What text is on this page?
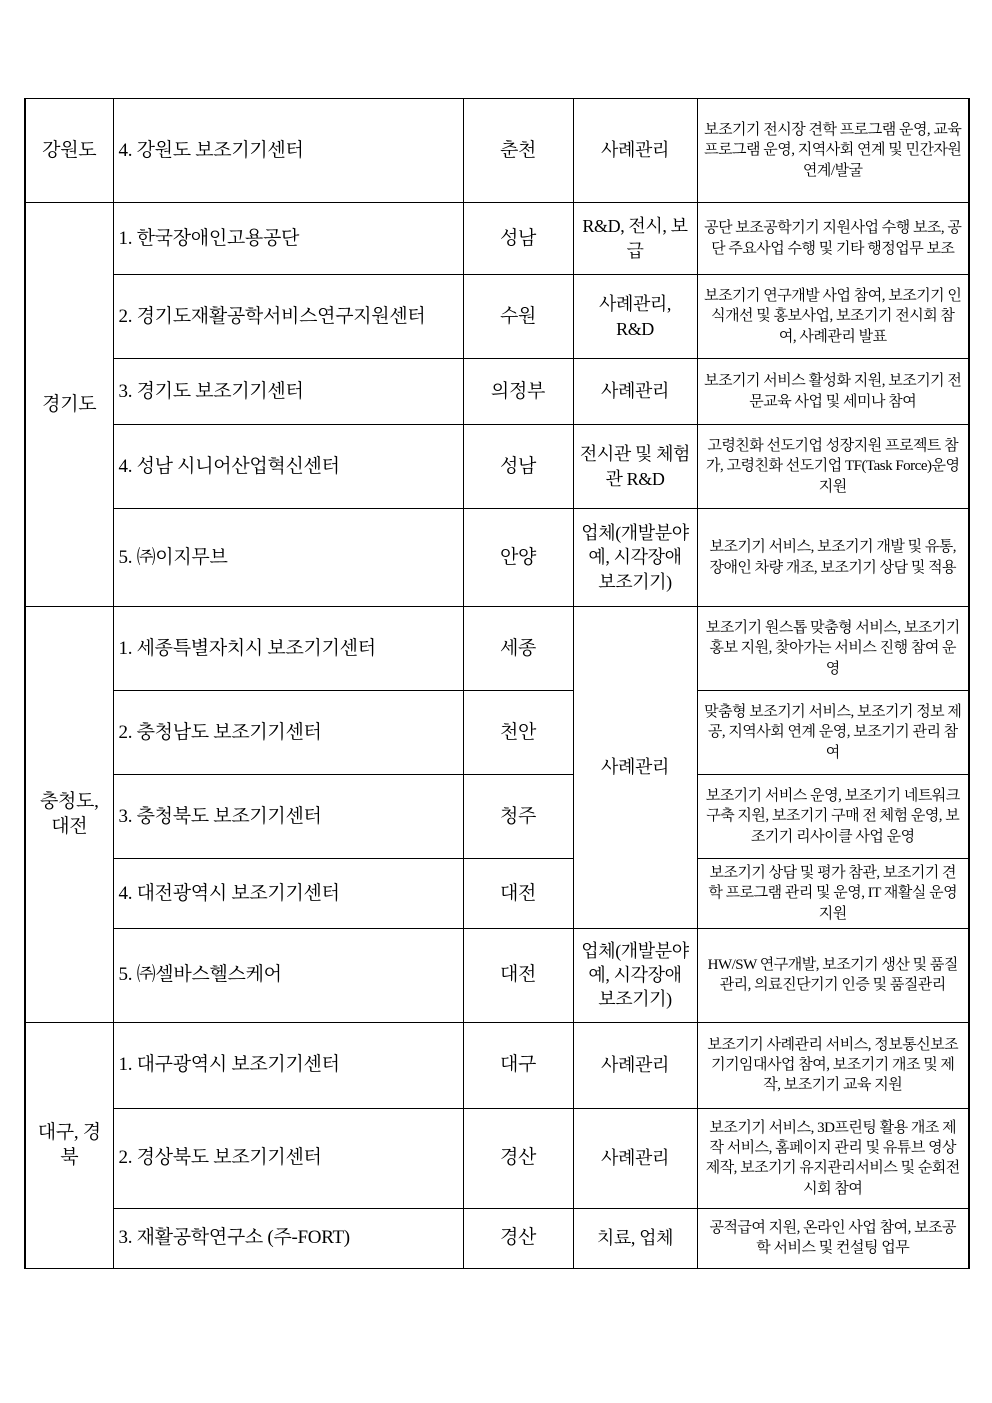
강원도	4. 강원도 보조기기센터	춘천	사례관리	보조기기 전시장 견학 프로그램 운영, 교육 프로그램 운영, 지역사회 연계 및 민간자원 연계/발굴
경기도	1. 한국장애인고용공단	성남	R&D, 전시, 보급	공단 보조공학기기 지원사업 수행 보조, 공단 주요사업 수행 및 기타 행정업무 보조
	2. 경기도재활공학서비스연구지원센터	수원	사례관리, R&D	보조기기 연구개발 사업 참여, 보조기기 인식개선 및 홍보사업, 보조기기 전시회 참여, 사례관리 발표
	3. 경기도 보조기기센터	의정부	사례관리	보조기기 서비스 활성화 지원, 보조기기 전문교육 사업 및 세미나 참여
	4. 성남 시니어산업혁신센터	성남	전시관 및 체험관 R&D	고령친화 선도기업 성장지원 프로젝트 참가, 고령친화 선도기업 TF(Task Force)운영 지원
	5. ㈜이지무브	안양	업체(개발분야 예, 시각장애 보조기기)	보조기기 서비스, 보조기기 개발 및 유통, 장애인 차량 개조, 보조기기 상담 및 적용
충청도, 대전	1. 세종특별자치시 보조기기센터	세종	사례관리	보조기기 원스톱 맞춤형 서비스, 보조기기 홍보 지원, 찾아가는 서비스 진행 참여 운영
	2. 충청남도 보조기기센터	천안		맞춤형 보조기기 서비스, 보조기기 정보 제공, 지역사회 연계 운영, 보조기기 관리 참여
	3. 충청북도 보조기기센터	청주		보조기기 서비스 운영, 보조기기 네트워크 구축 지원, 보조기기 구매 전 체험 운영, 보조기기 리사이클 사업 운영
	4. 대전광역시 보조기기센터	대전		보조기기 상담 및 평가 참관, 보조기기 견학 프로그램 관리 및 운영, IT 재활실 운영 지원
	5. ㈜셀바스헬스케어	대전	업체(개발분야 예, 시각장애 보조기기)	HW/SW 연구개발, 보조기기 생산 및 품질관리, 의료진단기기 인증 및 품질관리
대구, 경북	1. 대구광역시 보조기기센터	대구	사례관리	보조기기 사례관리 서비스, 정보통신보조기기임대사업 참여, 보조기기 개조 및 제작, 보조기기 교육 지원
	2. 경상북도 보조기기센터	경산	사례관리	보조기기 서비스, 3D프린팅 활용 개조 제작 서비스, 홈페이지 관리 및 유튜브 영상 제작, 보조기기 유지관리서비스 및 순회전시회 참여
	3. 재활공학연구소 (주-FORT)	경산	치료, 업체	공적급여 지원, 온라인 사업 참여, 보조공학 서비스 및 컨설팅 업무
